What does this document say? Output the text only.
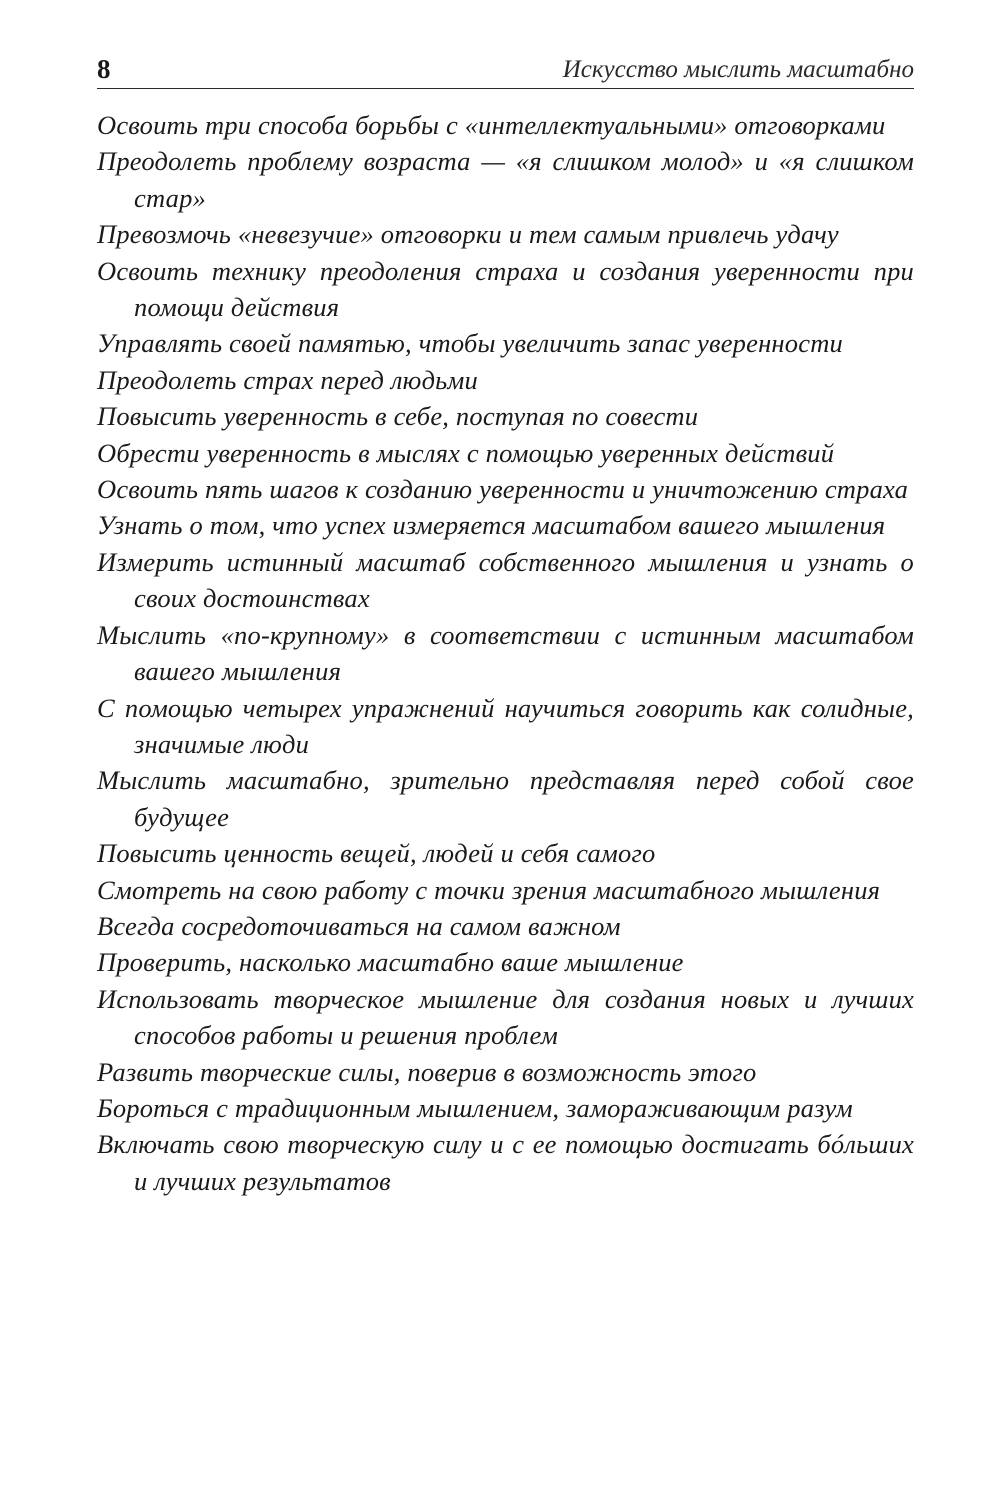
8	Искусство мыслить масштабно
Освоить три способа борьбы с «интеллектуальными» отговорками
Преодолеть проблему возраста — «я слишком молод» и «я слишком стар»
Превозмочь «невезучие» отговорки и тем самым привлечь удачу
Освоить технику преодоления страха и создания уверенности при помощи действия
Управлять своей памятью, чтобы увеличить запас уверенности
Преодолеть страх перед людьми
Повысить уверенность в себе, поступая по совести
Обрести уверенность в мыслях с помощью уверенных действий
Освоить пять шагов к созданию уверенности и уничтожению страха
Узнать о том, что успех измеряется масштабом вашего мышления
Измерить истинный масштаб собственного мышления и узнать о своих достоинствах
Мыслить «по-крупному» в соответствии с истинным масштабом вашего мышления
С помощью четырех упражнений научиться говорить как солидные, значимые люди
Мыслить масштабно, зрительно представляя перед собой свое будущее
Повысить ценность вещей, людей и себя самого
Смотреть на свою работу с точки зрения масштабного мышления
Всегда сосредоточиваться на самом важном
Проверить, насколько масштабно ваше мышление
Использовать творческое мышление для создания новых и лучших способов работы и решения проблем
Развить творческие силы, поверив в возможность этого
Бороться с традиционным мышлением, замораживающим разум
Включать свою творческую силу и с ее помощью достигать бóльших и лучших результатов
